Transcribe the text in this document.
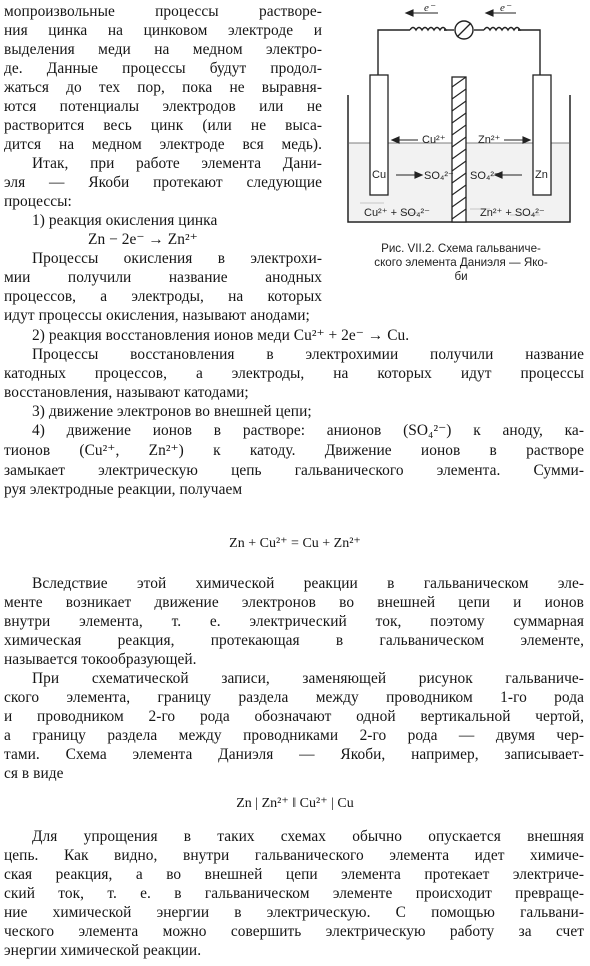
e⁻	e⁻
Cu	Zn
Cu²⁺	Zn²⁺
SO₄²⁻ SO₄²⁻
Cu²⁺ + SO₄²⁻	Zn²⁺ + SO₄²⁻
Рис. VII.2. Схема гальваниче-
ского элемента Даниэля — Яко-
би
мопроизвольные процессы растворе-
ния цинка на цинковом электроде и
выделения меди на медном электро-
де. Данные процессы будут продол-
жаться до тех пор, пока не выравня-
ются потенциалы электродов или не
растворится весь цинк (или не выса-
дится на медном электроде вся медь).
Итак, при работе элемента Дани-
эля — Якоби протекают следующие
процессы:
1) реакция окисления цинка
Zn − 2e⁻ → Zn²⁺
Процессы окисления в электрохи-
мии получили название анодных
процессов, а электроды, на которых
идут процессы окисления, называют анодами;
2) реакция восстановления ионов меди Cu²⁺ + 2e⁻ → Cu.
Процессы восстановления в электрохимии получили название
катодных процессов, а электроды, на которых идут процессы
восстановления, называют катодами;
3) движение электронов во внешней цепи;
4) движение ионов в растворе: анионов (SO₄²⁻) к аноду, ка-
тионов (Cu²⁺, Zn²⁺) к катоду. Движение ионов в растворе
замыкает электрическую цепь гальванического элемента. Сумми-
руя электродные реакции, получаем
Zn + Cu²⁺ = Cu + Zn²⁺
Вследствие этой химической реакции в гальваническом эле-
менте возникает движение электронов во внешней цепи и ионов
внутри элемента, т. е. электрический ток, поэтому суммарная
химическая реакция, протекающая в гальваническом элементе,
называется токообразующей.
При схематической записи, заменяющей рисунок гальваниче-
ского элемента, границу раздела между проводником 1-го рода
и проводником 2-го рода обозначают одной вертикальной чертой,
а границу раздела между проводниками 2-го рода — двумя чер-
тами. Схема элемента Даниэля — Якоби, например, записывает-
ся в виде
Zn | Zn²⁺ ‖ Cu²⁺ | Cu
Для упрощения в таких схемах обычно опускается внешняя
цепь. Как видно, внутри гальванического элемента идет химиче-
ская реакция, а во внешней цепи элемента протекает электриче-
ский ток, т. е. в гальваническом элементе происходит превраще-
ние химической энергии в электрическую. С помощью гальвани-
ческого элемента можно совершить электрическую работу за счет
энергии химической реакции.
